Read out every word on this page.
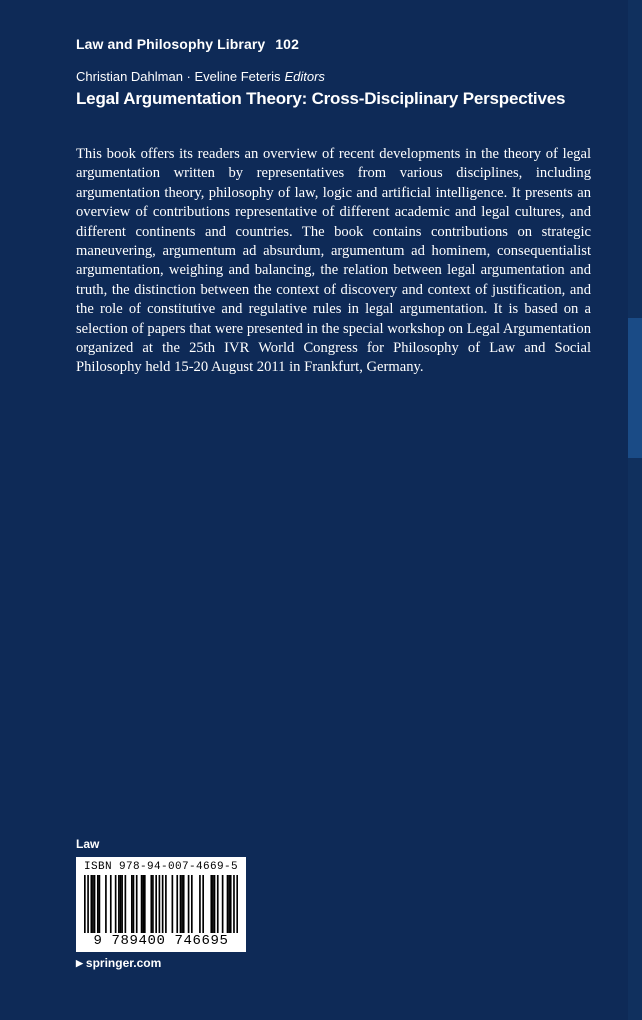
Law and Philosophy Library 102
Christian Dahlman · Eveline Feteris Editors
Legal Argumentation Theory: Cross-Disciplinary Perspectives

This book offers its readers an overview of recent developments in the theory of legal argumentation written by representatives from various disciplines, including argumentation theory, philosophy of law, logic and artificial intelligence. It presents an overview of contributions representative of different academic and legal cultures, and different continents and countries. The book contains contributions on strategic maneuvering, argumentum ad absurdum, argumentum ad hominem, consequentialist argumentation, weighing and balancing, the relation between legal argumentation and truth, the distinction between the context of discovery and context of justification, and the role of constitutive and regulative rules in legal argumentation. It is based on a selection of papers that were presented in the special workshop on Legal Argumentation organized at the 25th IVR World Congress for Philosophy of Law and Social Philosophy held 15-20 August 2011 in Frankfurt, Germany.

Law
ISBN 978-94-007-4669-5
9 789400 746695
▶ springer.com
